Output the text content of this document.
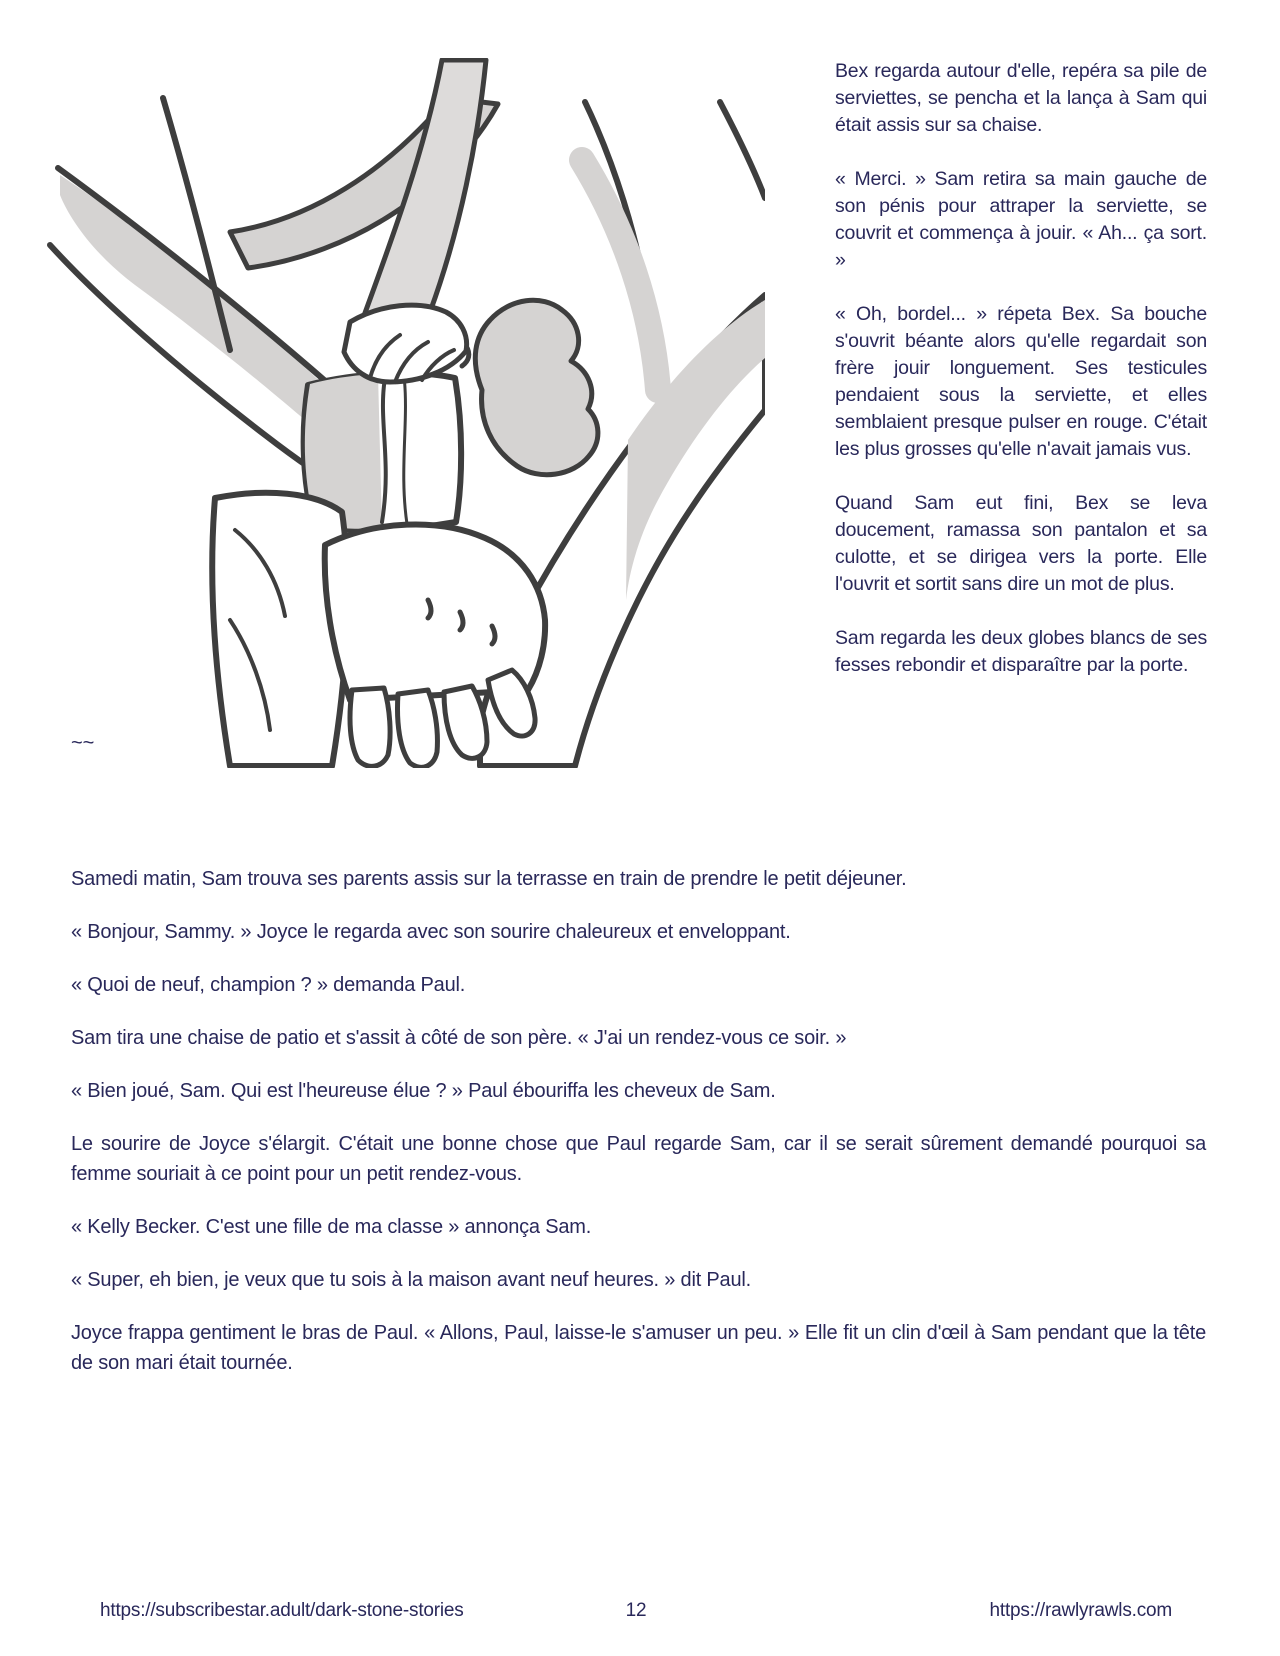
Bex regarda autour d'elle, repéra sa pile de serviettes, se pencha et la lança à Sam qui était assis sur sa chaise.

« Merci. » Sam retira sa main gauche de son pénis pour attraper la serviette, se couvrit et commença à jouir. « Ah... ça sort. »

« Oh, bordel... » répeta Bex. Sa bouche s'ouvrit béante alors qu'elle regardait son frère jouir longuement. Ses testicules pendaient sous la serviette, et elles semblaient presque pulser en rouge. C'était les plus grosses qu'elle n'avait jamais vus.

Quand Sam eut fini, Bex se leva doucement, ramassa son pantalon et sa culotte, et se dirigea vers la porte. Elle l'ouvrit et sortit sans dire un mot de plus.

Sam regarda les deux globes blancs de ses fesses rebondir et disparaître par la porte.

~~

Samedi matin, Sam trouva ses parents assis sur la terrasse en train de prendre le petit déjeuner.

« Bonjour, Sammy. » Joyce le regarda avec son sourire chaleureux et enveloppant.

« Quoi de neuf, champion ? » demanda Paul.

Sam tira une chaise de patio et s'assit à côté de son père. « J'ai un rendez-vous ce soir. »

« Bien joué, Sam. Qui est l'heureuse élue ? » Paul ébouriffa les cheveux de Sam.

Le sourire de Joyce s'élargit. C'était une bonne chose que Paul regarde Sam, car il se serait sûrement demandé pourquoi sa femme souriait à ce point pour un petit rendez-vous.

« Kelly Becker. C'est une fille de ma classe » annonça Sam.

« Super, eh bien, je veux que tu sois à la maison avant neuf heures. » dit Paul.

Joyce frappa gentiment le bras de Paul. « Allons, Paul, laisse-le s'amuser un peu. » Elle fit un clin d'œil à Sam pendant que la tête de son mari était tournée.

https://subscribestar.adult/dark-stone-stories	12	https://rawlyrawls.com
